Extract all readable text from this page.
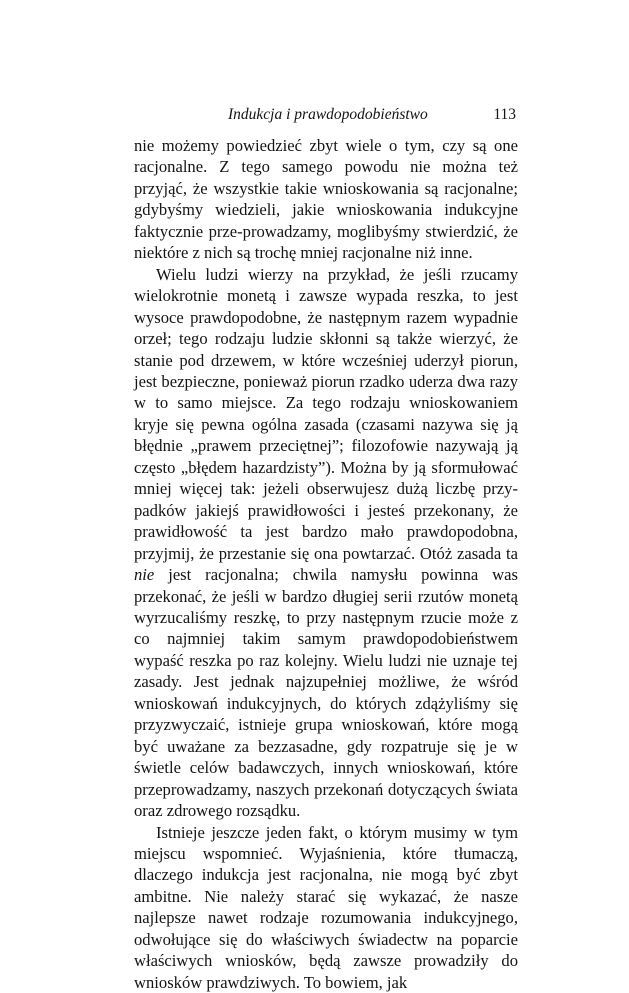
Indukcja i prawdopodobieństwo	113

nie możemy powiedzieć zbyt wiele o tym, czy są one racjonalne. Z tego samego powodu nie można też przyjąć, że wszystkie takie wnioskowania są racjonalne; gdybyśmy wiedzieli, jakie wnioskowania indukcyjne faktycznie prze-prowadzamy, moglibyśmy stwierdzić, że niektóre z nich są trochę mniej racjonalne niż inne.

Wielu ludzi wierzy na przykład, że jeśli rzucamy wielokrotnie monetą i zawsze wypada reszka, to jest wysoce prawdopodobne, że następnym razem wypadnie orzeł; tego rodzaju ludzie skłonni są także wierzyć, że stanie pod drzewem, w które wcześniej uderzył piorun, jest bezpieczne, ponieważ piorun rzadko uderza dwa razy w to samo miejsce. Za tego rodzaju wnioskowaniem kryje się pewna ogólna zasada (czasami nazywa się ją błędnie „prawem przeciętnej”; filozofowie nazywają ją często „błędem hazardzisty”). Można by ją sformułować mniej więcej tak: jeżeli obserwujesz dużą liczbę przy-padków jakiejś prawidłowości i jesteś przekonany, że prawidłowość ta jest bardzo mało prawdopodobna, przyjmij, że przestanie się ona powtarzać. Otóż zasada ta nie jest racjonalna; chwila namysłu powinna was przekonać, że jeśli w bardzo długiej serii rzutów monetą wyrzucaliśmy reszkę, to przy następnym rzucie może z co najmniej takim samym prawdopodobieństwem wypaść reszka po raz kolejny. Wielu ludzi nie uznaje tej zasady. Jest jednak najzupełniej możliwe, że wśród wnioskowań indukcyjnych, do których zdążyliśmy się przyzwyczaić, istnieje grupa wnioskowań, które mogą być uważane za bezzasadne, gdy rozpatruje się je w świetle celów badawczych, innych wnioskowań, które przeprowadzamy, naszych przekonań dotyczących świata oraz zdrowego rozsądku.

Istnieje jeszcze jeden fakt, o którym musimy w tym miejscu wspomnieć. Wyjaśnienia, które tłumaczą, dlaczego indukcja jest racjonalna, nie mogą być zbyt ambitne. Nie należy starać się wykazać, że nasze najlepsze nawet rodzaje rozumowania indukcyjnego, odwołujące się do właściwych świadectw na poparcie właściwych wniosków, będą zawsze prowadziły do wniosków prawdziwych. To bowiem, jak
